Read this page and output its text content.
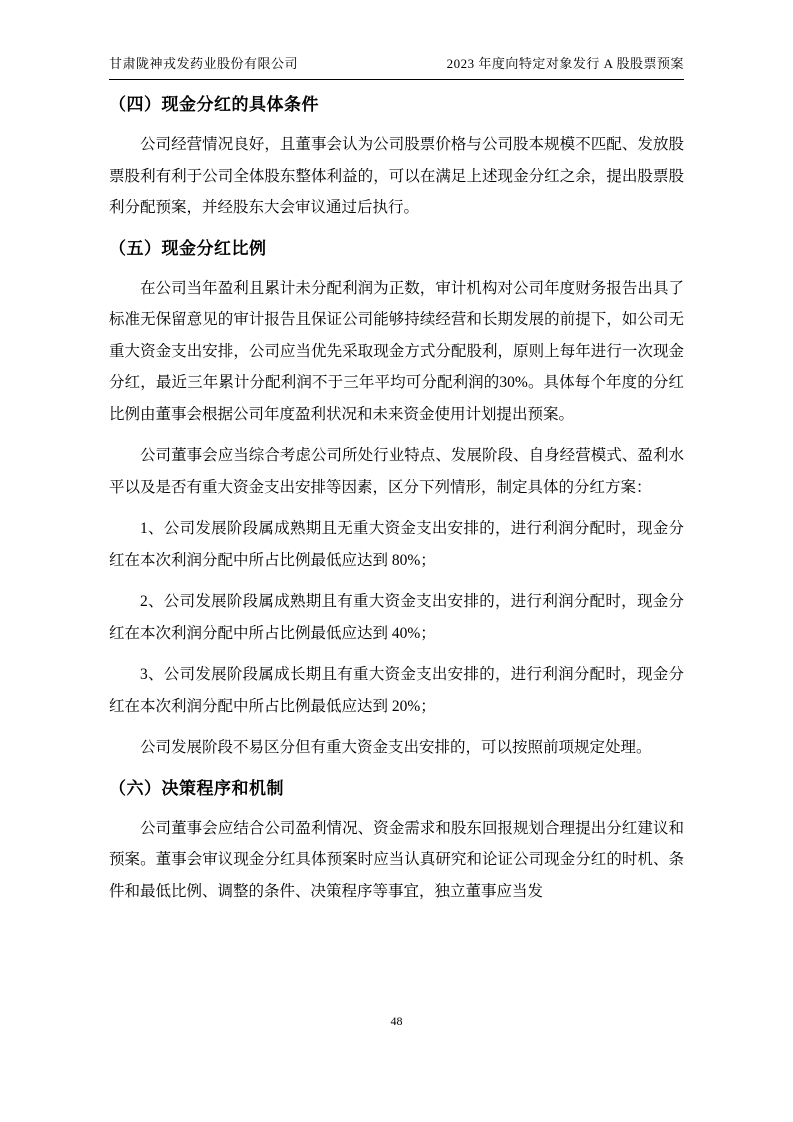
甘肃陇神戎发药业股份有限公司	2023 年度向特定对象发行 A 股股票预案
（四）现金分红的具体条件

公司经营情况良好，且董事会认为公司股票价格与公司股本规模不匹配、发放股票股利有利于公司全体股东整体利益的，可以在满足上述现金分红之余，提出股票股利分配预案，并经股东大会审议通过后执行。

（五）现金分红比例

在公司当年盈利且累计未分配利润为正数，审计机构对公司年度财务报告出具了标准无保留意见的审计报告且保证公司能够持续经营和长期发展的前提下，如公司无重大资金支出安排，公司应当优先采取现金方式分配股利，原则上每年进行一次现金分红，最近三年累计分配利润不于三年平均可分配利润的30%。具体每个年度的分红比例由董事会根据公司年度盈利状况和未来资金使用计划提出预案。

公司董事会应当综合考虑公司所处行业特点、发展阶段、自身经营模式、盈利水平以及是否有重大资金支出安排等因素，区分下列情形，制定具体的分红方案：

1、公司发展阶段属成熟期且无重大资金支出安排的，进行利润分配时，现金分红在本次利润分配中所占比例最低应达到 80%；

2、公司发展阶段属成熟期且有重大资金支出安排的，进行利润分配时，现金分红在本次利润分配中所占比例最低应达到 40%；

3、公司发展阶段属成长期且有重大资金支出安排的，进行利润分配时，现金分红在本次利润分配中所占比例最低应达到 20%；

公司发展阶段不易区分但有重大资金支出安排的，可以按照前项规定处理。

（六）决策程序和机制

公司董事会应结合公司盈利情况、资金需求和股东回报规划合理提出分红建议和预案。董事会审议现金分红具体预案时应当认真研究和论证公司现金分红的时机、条件和最低比例、调整的条件、决策程序等事宜，独立董事应当发

48
